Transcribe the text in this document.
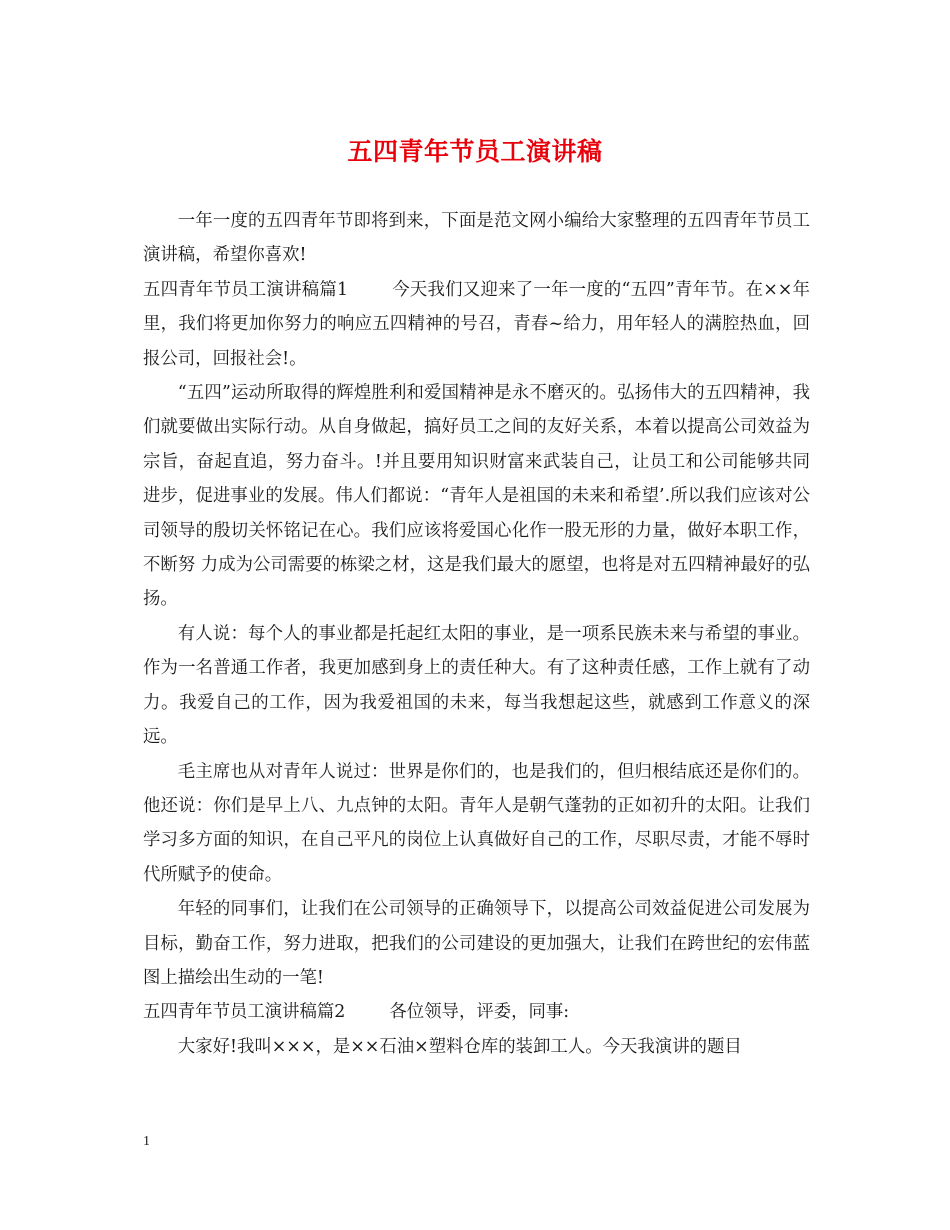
五四青年节员工演讲稿

一年一度的五四青年节即将到来，下面是范文网小编给大家整理的五四青年节员工演讲稿，希望你喜欢!

五四青年节员工演讲稿篇1	今天我们又迎来了一年一度的“五四”青年节。在××年里，我们将更加你努力的响应五四精神的号召，青春~给力，用年轻人的满腔热血，回报公司，回报社会!。

“五四”运动所取得的辉煌胜利和爱国精神是永不磨灭的。弘扬伟大的五四精神，我们就要做出实际行动。从自身做起，搞好员工之间的友好关系，本着以提高公司效益为宗旨，奋起直追，努力奋斗。!并且要用知识财富来武装自己，让员工和公司能够共同进步，促进事业的发展。伟人们都说：“青年人是祖国的未来和希望’.所以我们应该对公司领导的殷切关怀铭记在心。我们应该将爱国心化作一股无形的力量，做好本职工作，不断努 力成为公司需要的栋梁之材，这是我们最大的愿望，也将是对五四精神最好的弘扬。

有人说：每个人的事业都是托起红太阳的事业，是一项系民族未来与希望的事业。作为一名普通工作者，我更加感到身上的责任种大。有了这种责任感，工作上就有了动力。我爱自己的工作，因为我爱祖国的未来，每当我想起这些，就感到工作意义的深远。

毛主席也从对青年人说过：世界是你们的，也是我们的，但归根结底还是你们的。他还说：你们是早上八、九点钟的太阳。青年人是朝气蓬勃的正如初升的太阳。让我们学习多方面的知识，在自己平凡的岗位上认真做好自己的工作，尽职尽责，才能不辱时代所赋予的使命。

年轻的同事们，让我们在公司领导的正确领导下，以提高公司效益促进公司发展为目标，勤奋工作，努力进取，把我们的公司建设的更加强大，让我们在跨世纪的宏伟蓝图上描绘出生动的一笔!

五四青年节员工演讲稿篇2	各位领导，评委，同事:

大家好!我叫×××，是××石油×塑料仓库的装卸工人。今天我演讲的题目

1
